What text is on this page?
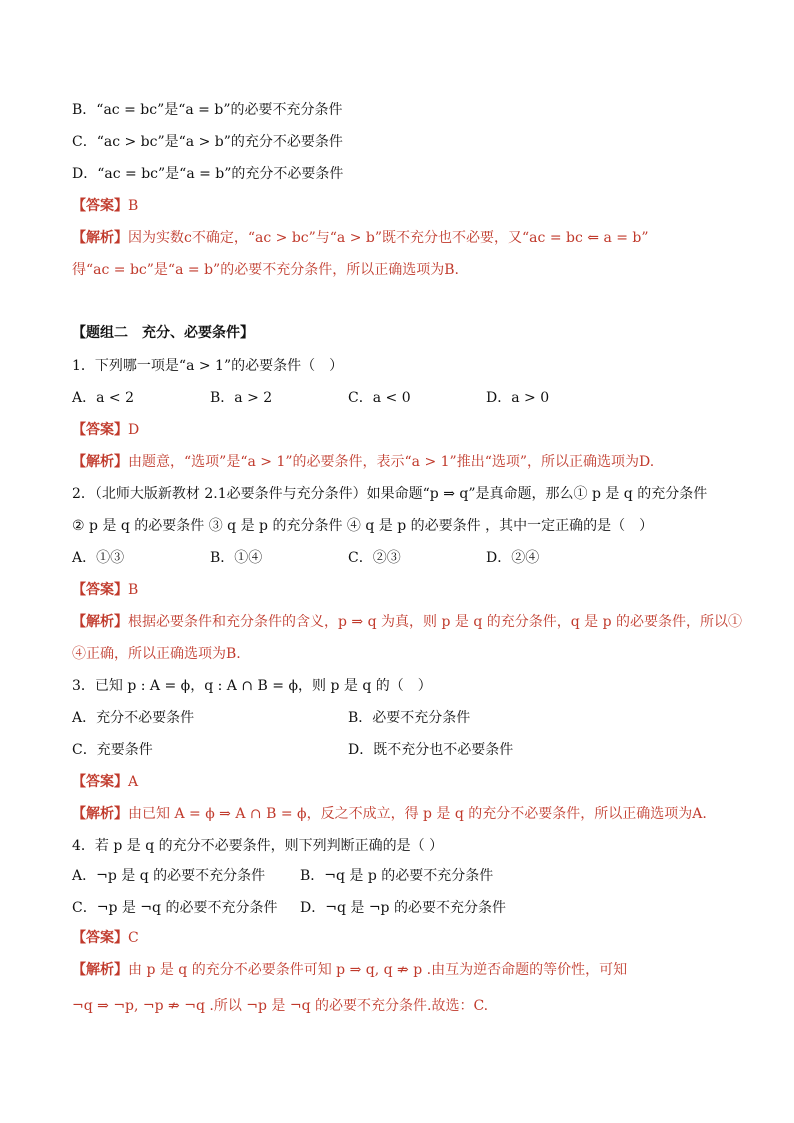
B．“ac = bc”是“a = b”的必要不充分条件
C．“ac > bc”是“a > b”的充分不必要条件
D．“ac = bc”是“a = b”的充分不必要条件
【答案】B
【解析】因为实数c不确定，“ac > bc”与“a > b”既不充分也不必要，又“ac = bc ⇐ a = b”
得“ac = bc”是“a = b”的必要不充分条件，所以正确选项为B.
【题组二　充分、必要条件】
1．下列哪一项是“a > 1”的必要条件（　）
A．a < 2	B．a > 2	C．a < 0	D．a > 0
【答案】D
【解析】由题意，“选项”是“a > 1”的必要条件，表示“a > 1”推出“选项”，所以正确选项为D.
2．（北师大版新教材 2.1必要条件与充分条件）如果命题“p ⇒ q”是真命题，那么① p 是 q 的充分条件
② p 是 q 的必要条件 ③ q 是 p 的充分条件 ④ q 是 p 的必要条件 ，其中一定正确的是（　）
A．①③	B．①④	C．②③	D．②④
【答案】B
【解析】根据必要条件和充分条件的含义，p ⇒ q 为真，则 p 是 q 的充分条件，q 是 p 的必要条件，所以①
④正确，所以正确选项为B.
3．已知 p : A = ϕ，q : A ∩ B = ϕ，则 p 是 q 的（　）
A．充分不必要条件	B．必要不充分条件
C．充要条件	D．既不充分也不必要条件
【答案】A
【解析】由已知 A = ϕ ⇒ A ∩ B = ϕ，反之不成立，得 p 是 q 的充分不必要条件，所以正确选项为A.
4．若 p 是 q 的充分不必要条件，则下列判断正确的是（ ）
A．¬p 是 q 的必要不充分条件 B．¬q 是 p 的必要不充分条件
C．¬p 是 ¬q 的必要不充分条件 D．¬q 是 ¬p 的必要不充分条件
【答案】C
【解析】由 p 是 q 的充分不必要条件可知 p ⇒ q, q ⇏ p .由互为逆否命题的等价性，可知
¬q ⇒ ¬p, ¬p ⇏ ¬q .所以 ¬p 是 ¬q 的必要不充分条件.故选：C.
